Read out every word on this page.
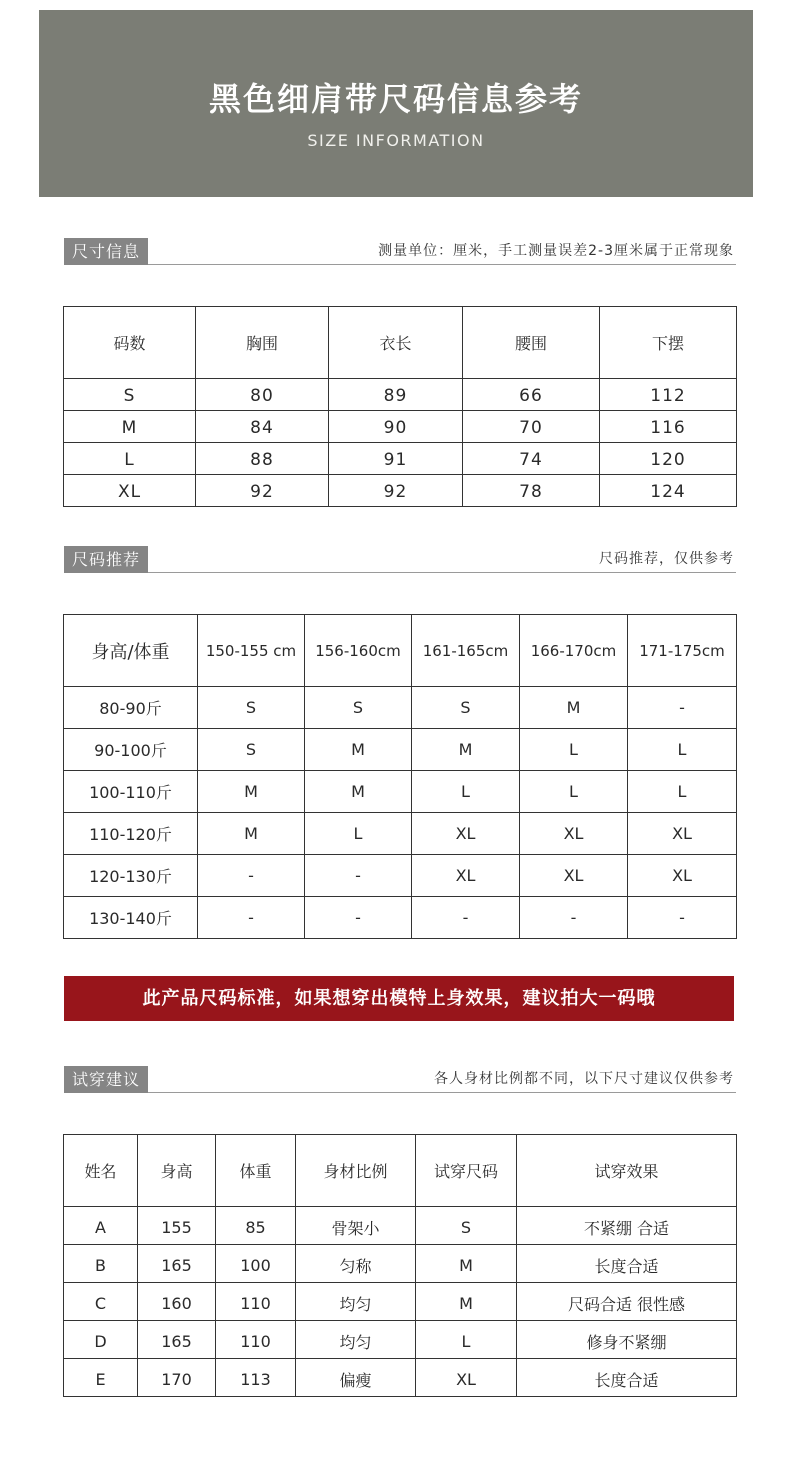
黑色细肩带尺码信息参考
SIZE INFORMATION
尺寸信息	测量单位：厘米，手工测量误差2-3厘米属于正常现象
码数	胸围	衣长	腰围	下摆
S	80	89	66	112
M	84	90	70	116
L	88	91	74	120
XL	92	92	78	124
尺码推荐	尺码推荐，仅供参考
身高/体重	150-155 cm	156-160cm	161-165cm	166-170cm	171-175cm
80-90斤	S	S	S	M	-
90-100斤	S	M	M	L	L
100-110斤	M	M	L	L	L
110-120斤	M	L	XL	XL	XL
120-130斤	-	-	XL	XL	XL
130-140斤	-	-	-	-	-
此产品尺码标准，如果想穿出模特上身效果，建议拍大一码哦
试穿建议	各人身材比例都不同，以下尺寸建议仅供参考
姓名	身高	体重	身材比例	试穿尺码	试穿效果
A	155	85	骨架小	S	不紧绷 合适
B	165	100	匀称	M	长度合适
C	160	110	均匀	M	尺码合适 很性感
D	165	110	均匀	L	修身不紧绷
E	170	113	偏瘦	XL	长度合适
